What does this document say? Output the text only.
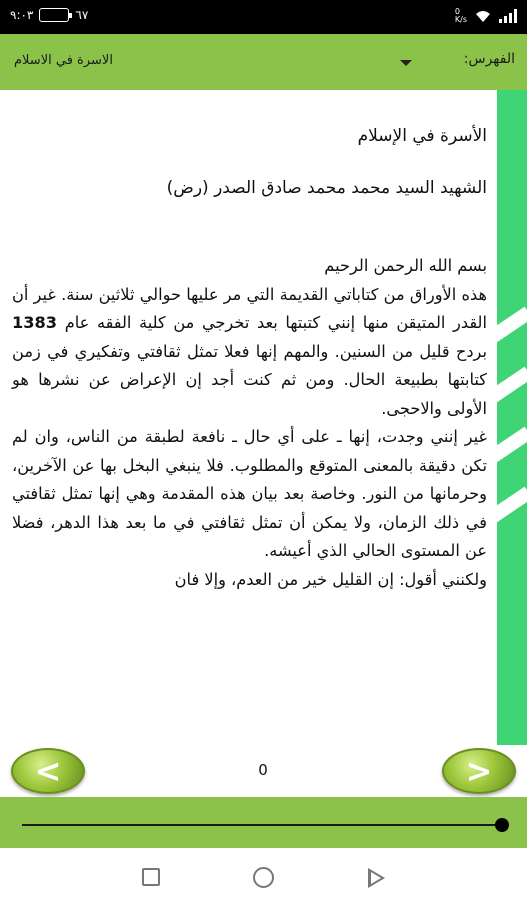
٩:٠٣	٦٧	0
K/s
الاسرة في الاسلام	الفهرس:
الأسرة في الإسلام
الشهيد السيد محمد محمد صادق الصدر (رض)

بسم الله الرحمن الرحيم

هذه الأوراق من كتاباتي القديمة التي مر عليها حوالي ثلاثين سنة. غير أن القدر المتيقن منها إنني كتبتها بعد تخرجي من كلية الفقه عام 1383 بردح قليل من السنين. والمهم إنها فعلا تمثل ثقافتي وتفكيري في زمن كتابتها بطبيعة الحال. ومن ثم كنت أجد إن الإعراض عن نشرها هو الأولى والاحجى.

غير إنني وجدت، إنها ـ على أي حال ـ نافعة لطبقة من الناس، وان لم تكن دقيقة بالمعنى المتوقع والمطلوب. فلا ينبغي البخل بها عن الآخرين، وحرمانها من النور. وخاصة بعد بيان هذه المقدمة وهي إنها تمثل ثقافتي في ذلك الزمان، ولا يمكن أن تمثل ثقافتي في ما بعد هذا الدهر، فضلا عن المستوى الحالي الذي أعيشه.

ولكنني أقول: إن القليل خير من العدم، وإلا فان

<	0	>
